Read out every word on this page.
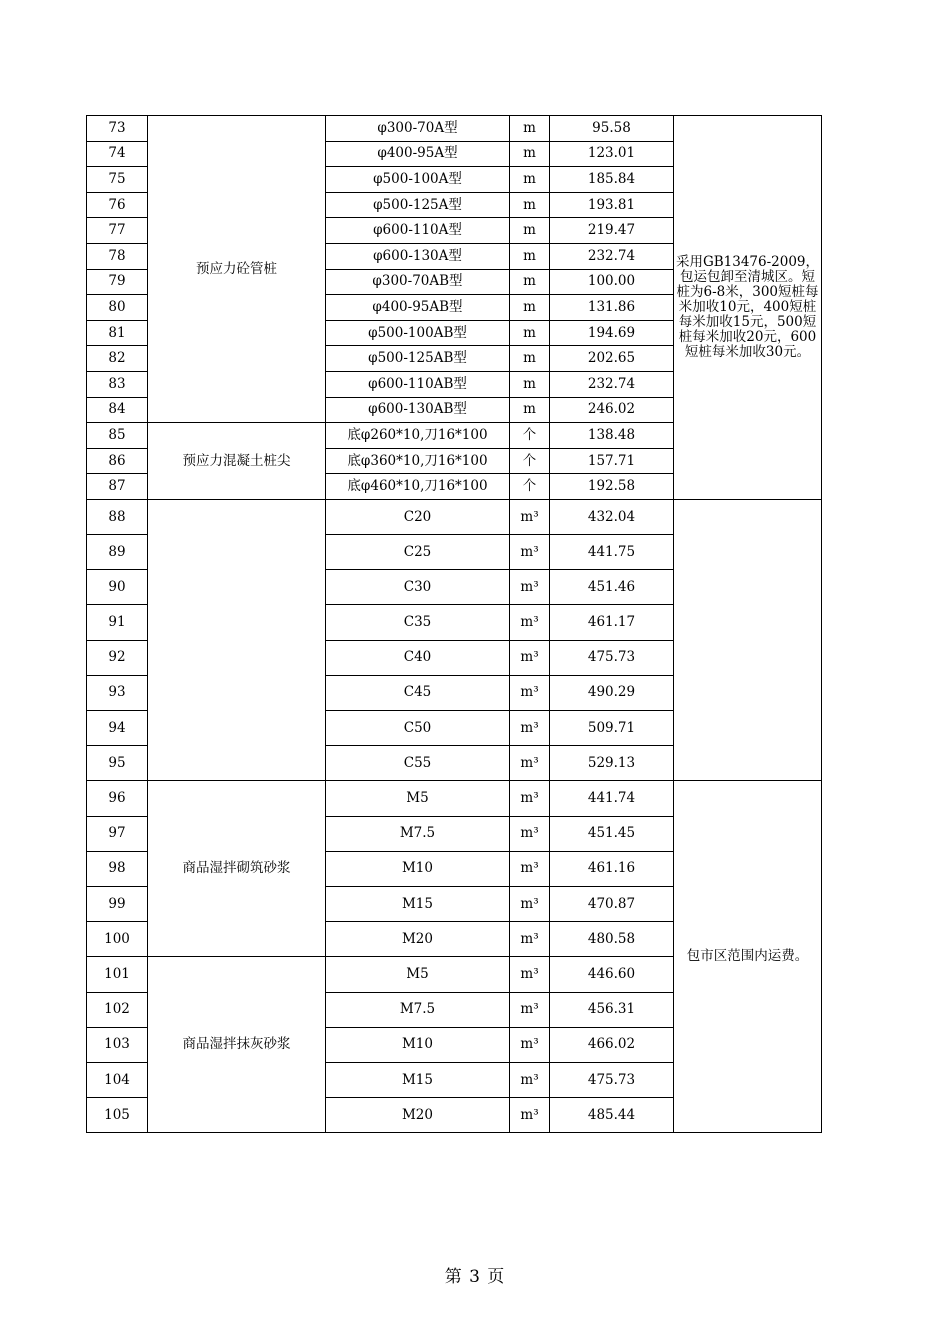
73	预应力砼管桩	φ300-70A型	m	95.58	采用GB13476-2009，包运包卸至清城区。短桩为6-8米，300短桩每米加收10元，400短桩每米加收15元，500短桩每米加收20元，600短桩每米加收30元。
74		φ400-95A型	m	123.01	
75		φ500-100A型	m	185.84	
76		φ500-125A型	m	193.81	
77		φ600-110A型	m	219.47	
78		φ600-130A型	m	232.74	
79		φ300-70AB型	m	100.00	
80		φ400-95AB型	m	131.86	
81		φ500-100AB型	m	194.69	
82		φ500-125AB型	m	202.65	
83		φ600-110AB型	m	232.74	
84		φ600-130AB型	m	246.02	
85	预应力混凝土桩尖	底φ260*10,刀16*100	个	138.48	
86		底φ360*10,刀16*100	个	157.71	
87		底φ460*10,刀16*100	个	192.58	
88		C20	m³	432.04	
89		C25	m³	441.75	
90		C30	m³	451.46	
91		C35	m³	461.17	
92		C40	m³	475.73	
93		C45	m³	490.29	
94		C50	m³	509.71	
95		C55	m³	529.13	
96	商品湿拌砌筑砂浆	M5	m³	441.74	包市区范围内运费。
97		M7.5	m³	451.45	
98		M10	m³	461.16	
99		M15	m³	470.87	
100		M20	m³	480.58	
101	商品湿拌抹灰砂浆	M5	m³	446.60	
102		M7.5	m³	456.31	
103		M10	m³	466.02	
104		M15	m³	475.73	
105		M20	m³	485.44	
第 3 页
